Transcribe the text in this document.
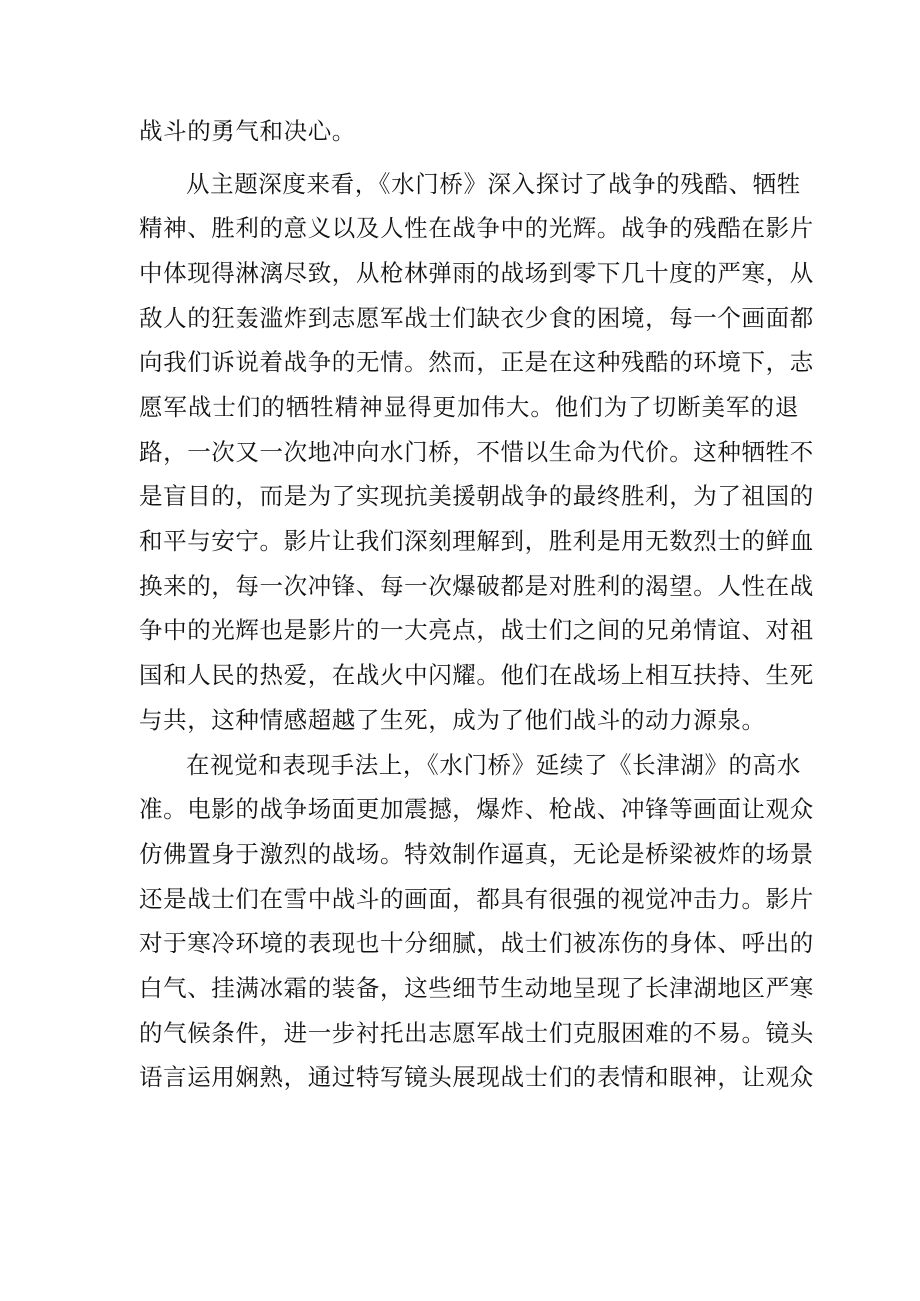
战斗的勇气和决心。
从主题深度来看，《水门桥》深入探讨了战争的残酷、牺牲
精神、胜利的意义以及人性在战争中的光辉。战争的残酷在影片
中体现得淋漓尽致，从枪林弹雨的战场到零下几十度的严寒，从
敌人的狂轰滥炸到志愿军战士们缺衣少食的困境，每一个画面都
向我们诉说着战争的无情。然而，正是在这种残酷的环境下，志
愿军战士们的牺牲精神显得更加伟大。他们为了切断美军的退
路，一次又一次地冲向水门桥，不惜以生命为代价。这种牺牲不
是盲目的，而是为了实现抗美援朝战争的最终胜利，为了祖国的
和平与安宁。影片让我们深刻理解到，胜利是用无数烈士的鲜血
换来的，每一次冲锋、每一次爆破都是对胜利的渴望。人性在战
争中的光辉也是影片的一大亮点，战士们之间的兄弟情谊、对祖
国和人民的热爱，在战火中闪耀。他们在战场上相互扶持、生死
与共，这种情感超越了生死，成为了他们战斗的动力源泉。
在视觉和表现手法上，《水门桥》延续了《长津湖》的高水
准。电影的战争场面更加震撼，爆炸、枪战、冲锋等画面让观众
仿佛置身于激烈的战场。特效制作逼真，无论是桥梁被炸的场景
还是战士们在雪中战斗的画面，都具有很强的视觉冲击力。影片
对于寒冷环境的表现也十分细腻，战士们被冻伤的身体、呼出的
白气、挂满冰霜的装备，这些细节生动地呈现了长津湖地区严寒
的气候条件，进一步衬托出志愿军战士们克服困难的不易。镜头
语言运用娴熟，通过特写镜头展现战士们的表情和眼神，让观众
